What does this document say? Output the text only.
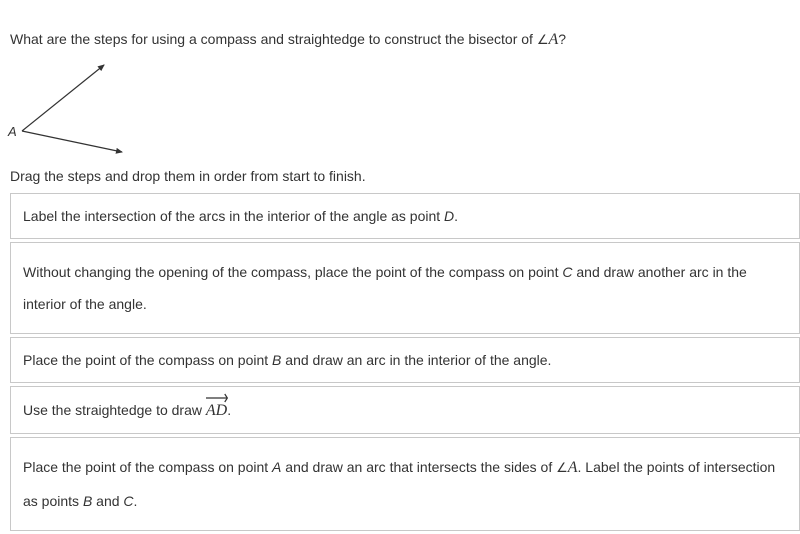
What are the steps for using a compass and straightedge to construct the bisector of ∠A?
A
Drag the steps and drop them in order from start to finish.
Label the intersection of the arcs in the interior of the angle as point D.
Without changing the opening of the compass, place the point of the compass on point C and draw another arc in the interior of the angle.
Place the point of the compass on point B and draw an arc in the interior of the angle.
Use the straightedge to draw
AD.
Place the point of the compass on point A and draw an arc that intersects the sides of ∠A. Label the points of intersection as points B and C.
